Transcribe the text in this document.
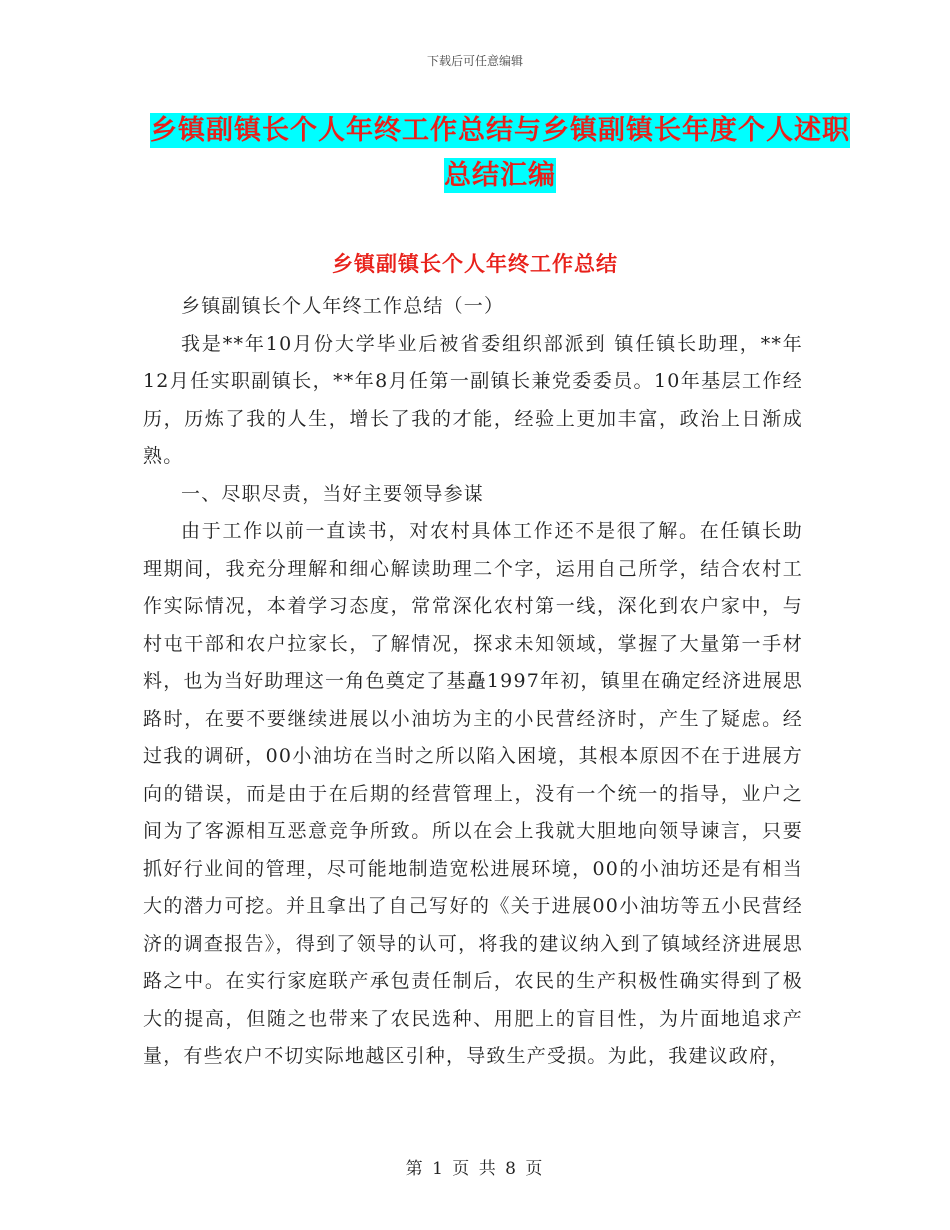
下载后可任意编辑
乡镇副镇长个人年终工作总结与乡镇副镇长年度个人述职总结汇编
乡镇副镇长个人年终工作总结

乡镇副镇长个人年终工作总结（一）

我是**年10月份大学毕业后被省委组织部派到 镇任镇长助理，**年12月任实职副镇长，**年8月任第一副镇长兼党委委员。10年基层工作经历，历炼了我的人生，增长了我的才能，经验上更加丰富，政治上日渐成熟。

一、尽职尽责，当好主要领导参谋

由于工作以前一直读书，对农村具体工作还不是很了解。在任镇长助理期间，我充分理解和细心解读助理二个字，运用自己所学，结合农村工作实际情况，本着学习态度，常常深化农村第一线，深化到农户家中，与村屯干部和农户拉家长，了解情况，探求未知领域，掌握了大量第一手材料，也为当好助理这一角色奠定了基矗1997年初，镇里在确定经济进展思路时，在要不要继续进展以小油坊为主的小民营经济时，产生了疑虑。经过我的调研，00小油坊在当时之所以陷入困境，其根本原因不在于进展方向的错误，而是由于在后期的经营管理上，没有一个统一的指导，业户之间为了客源相互恶意竞争所致。所以在会上我就大胆地向领导谏言，只要抓好行业间的管理，尽可能地制造宽松进展环境，00的小油坊还是有相当大的潜力可挖。并且拿出了自己写好的《关于进展00小油坊等五小民营经济的调查报告》，得到了领导的认可，将我的建议纳入到了镇域经济进展思路之中。在实行家庭联产承包责任制后，农民的生产积极性确实得到了极大的提高，但随之也带来了农民选种、用肥上的盲目性，为片面地追求产量，有些农户不切实际地越区引种，导致生产受损。为此，我建议政府，

第 1 页 共 8 页
